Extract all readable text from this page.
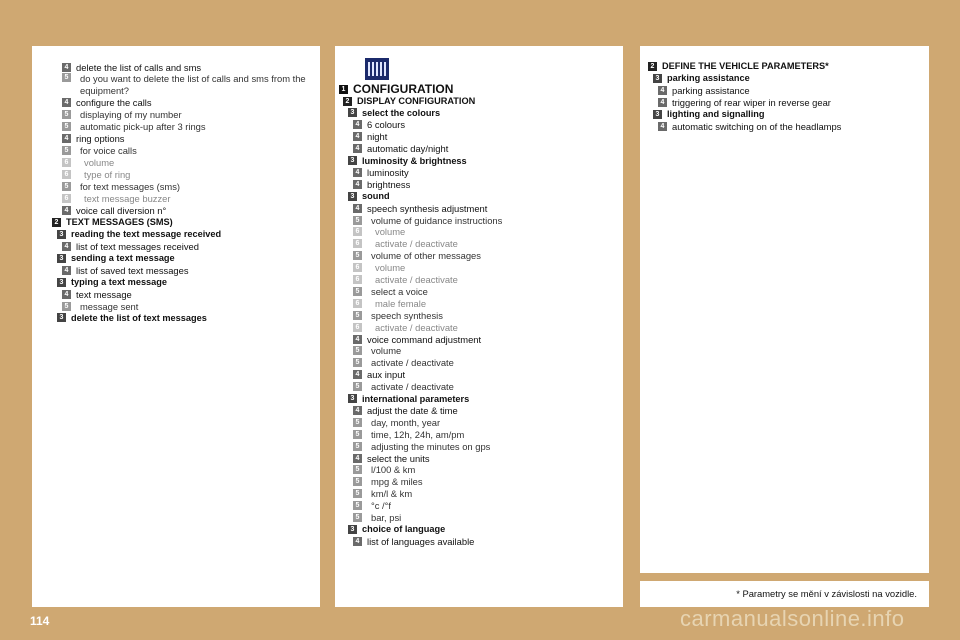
4 delete the list of calls and sms
5	do you want to delete the list of calls and sms from the equipment?
4 configure the calls
5	displaying of my number
5	automatic pick-up after 3 rings
4 ring options
5	for voice calls
6	volume
6	type of ring
5	for text messages (sms)
6	text message buzzer
4 voice call diversion n°
2 TEXT MESSAGES (SMS)
3 reading the text message received
4 list of text messages received
3 sending a text message
4 list of saved text messages
3 typing a text message
4 text message
5	message sent
3 delete the list of text messages
1 CONFIGURATION
2 DISPLAY CONFIGURATION
3 select the colours
4 6 colours
4 night
4 automatic day/night
3 luminosity & brightness
4 luminosity
4 brightness
3 sound
4 speech synthesis adjustment
5	volume of guidance instructions
6	volume
6	activate / deactivate
5	volume of other messages
6	volume
6	activate / deactivate
5	select a voice
6	male female
5	speech synthesis
6	activate / deactivate
4 voice command adjustment
5	volume
5	activate / deactivate
4 aux input
5	activate / deactivate
3 international parameters
4 adjust the date & time
5	day, month, year
5	time, 12h, 24h, am/pm
5	adjusting the minutes on gps
4 select the units
5	l/100 & km
5	mpg & miles
5	km/l & km
5	°c /°f
5	bar, psi
3 choice of language
4 list of languages available
2 DEFINE THE VEHICLE PARAMETERS*
3 parking assistance
4 parking assistance
4 triggering of rear wiper in reverse gear
3 lighting and signalling
4 automatic switching on of the headlamps
* Parametry se mění v závislosti na vozidle.
114	carmanualsonline.info
